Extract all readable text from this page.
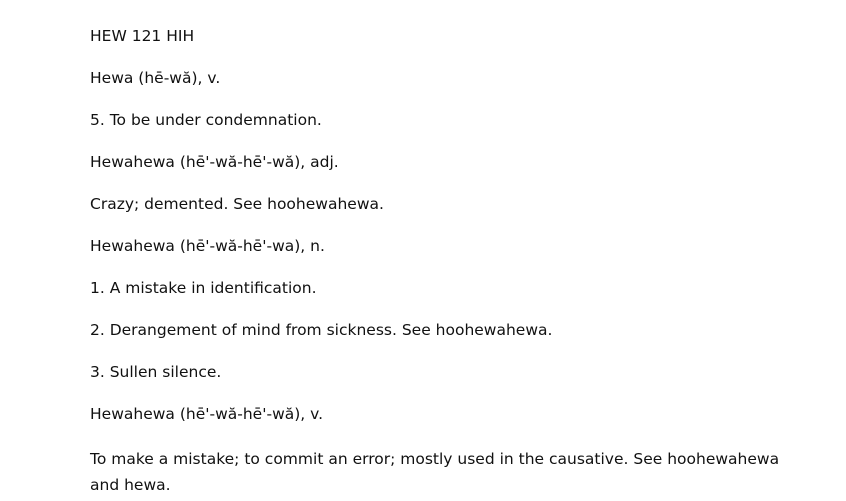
HEW 121 HIH

Hewa (hē-wă), v.

5. To be under condemnation.

Hewahewa (hē'-wă-hē'-wă), adj.

Crazy; demented. See hoohewahewa.

Hewahewa (hē'-wă-hē'-wa), n.

1. A mistake in identification.

2. Derangement of mind from sickness. See hoohewahewa.

3. Sullen silence.

Hewahewa (hē'-wă-hē'-wă), v.

To make a mistake; to commit an error; mostly used in the causative. See hoohewahewa and hewa.
